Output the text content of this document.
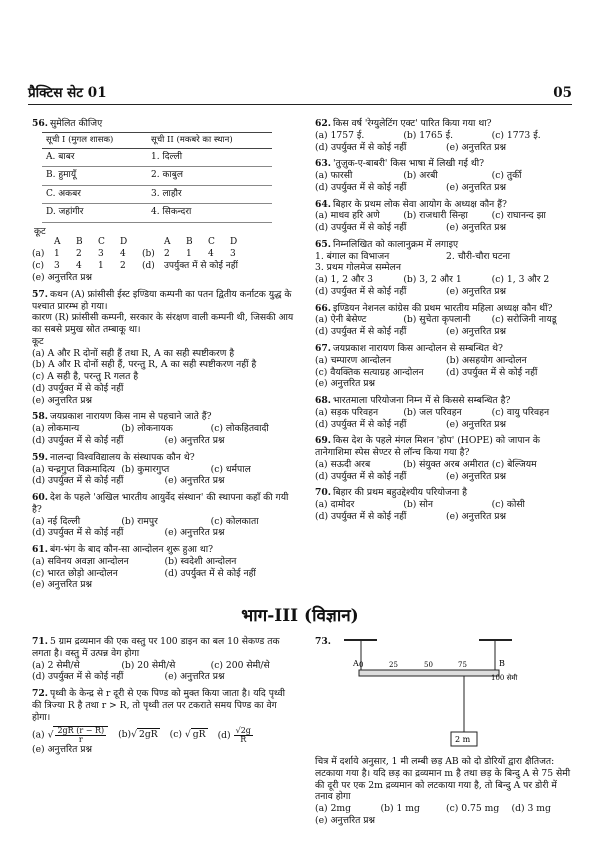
प्रैक्टिस सेट 01	05
56. सुमेलित कीजिए
सूची I (मुगल शासक)	सूची II (मकबरे का स्थान)
A. बाबर	1. दिल्ली
B. हुमायूँ	2. काबुल
C. अकबर	3. लाहौर
D. जहांगीर	4. सिकन्दरा
कूट
A	B	C	D	A	B	C	D
(a)	1	2	3	4	(b)	2	1	4	3
(c)	3	4	1	2	(d)	उपर्युक्त में से कोई नहीं
(e) अनुत्तरित प्रश्न
57. कथन (A) फ्रांसीसी ईस्ट इण्डिया कम्पनी का पतन द्वितीय कर्नाटक युद्ध के पश्चात प्रारम्भ हो गया।
कारण (R) फ्रांसीसी कम्पनी, सरकार के संरक्षण वाली कम्पनी थी, जिसकी आय का सबसे प्रमुख स्रोत तम्बाकू था।
कूट
(a) A और R दोनों सही हैं तथा R, A का सही स्पष्टीकरण है
(b) A और R दोनों सही हैं, परन्तु R, A का सही स्पष्टीकरण नहीं है
(c) A सही है, परन्तु R गलत है
(d) उपर्युक्त में से कोई नहीं
(e) अनुत्तरित प्रश्न
58. जयप्रकाश नारायण किस नाम से पहचाने जाते हैं?
(a) लोकमान्य	(b) लोकनायक	(c) लोकहितवादी
(d) उपर्युक्त में से कोई नहीं	(e) अनुत्तरित प्रश्न
59. नालन्दा विश्वविद्यालय के संस्थापक कौन थे?
(a) चन्द्रगुप्त विक्रमादित्य (b) कुमारगुप्त	(c) धर्मपाल
(d) उपर्युक्त में से कोई नहीं	(e) अनुत्तरित प्रश्न
60. देश के पहले 'अखिल भारतीय आयुर्वेद संस्थान' की स्थापना कहाँ की गयी है?
(a) नई दिल्ली	(b) रामपुर	(c) कोलकाता
(d) उपर्युक्त में से कोई नहीं	(e) अनुत्तरित प्रश्न
61. बंग-भंग के बाद कौन-सा आन्दोलन शुरू हुआ था?
(a) सविनय अवज्ञा आन्दोलन	(b) स्वदेशी आन्दोलन
(c) भारत छोड़ो आन्दोलन	(d) उपर्युक्त में से कोई नहीं
(e) अनुत्तरित प्रश्न
62. किस वर्ष 'रेग्युलेटिंग एक्ट' पारित किया गया था?
(a) 1757 ई.	(b) 1765 ई.	(c) 1773 ई.
(d) उपर्युक्त में से कोई नहीं	(e) अनुत्तरित प्रश्न
63. 'तुज़ुक-ए-बाबरी' किस भाषा में लिखी गई थी?
(a) फारसी	(b) अरबी	(c) तुर्की
(d) उपर्युक्त में से कोई नहीं	(e) अनुत्तरित प्रश्न
64. बिहार के प्रथम लोक सेवा आयोग के अध्यक्ष कौन हैं?
(a) माधव हरि अणे	(b) राजधारी सिन्हा	(c) राघानन्द झा
(d) उपर्युक्त में से कोई नहीं	(e) अनुत्तरित प्रश्न
65. निम्नलिखित को कालानुक्रम में लगाइए
1. बंगाल का विभाजन	2. चौरी-चौरा घटना
3. प्रथम गोलमेज सम्मेलन
(a) 1, 2 और 3	(b) 3, 2 और 1	(c) 1, 3 और 2
(d) उपर्युक्त में से कोई नहीं	(e) अनुत्तरित प्रश्न
66. इण्डियन नेशनल कांग्रेस की प्रथम भारतीय महिला अध्यक्ष कौन थीं?
(a) ऐनी बेसेण्ट	(b) सुचेता कृपलानी	(c) सरोजिनी नायडू
(d) उपर्युक्त में से कोई नहीं	(e) अनुत्तरित प्रश्न
67. जयप्रकाश नारायण किस आन्दोलन से सम्बन्धित थे?
(a) चम्पारण आन्दोलन	(b) असहयोग आन्दोलन
(c) वैयक्तिक सत्याग्रह आन्दोलन	(d) उपर्युक्त में से कोई नहीं
(e) अनुत्तरित प्रश्न
68. भारतमाला परियोजना निम्न में से किससे सम्बन्धित है?
(a) सड़क परिवहन	(b) जल परिवहन	(c) वायु परिवहन
(d) उपर्युक्त में से कोई नहीं	(e) अनुत्तरित प्रश्न
69. किस देश के पहले मंगल मिशन 'होप' (HOPE) को जापान के तानेगाशिमा स्पेस सेण्टर से लॉन्च किया गया है?
(a) सऊदी अरब	(b) संयुक्त अरब अमीरात (c) बेल्जियम
(d) उपर्युक्त में से कोई नहीं	(e) अनुत्तरित प्रश्न
70. बिहार की प्रथम बहुउद्देश्यीय परियोजना है
(a) दामोदर	(b) सोन	(c) कोसी
(d) उपर्युक्त में से कोई नहीं	(e) अनुत्तरित प्रश्न
भाग-III (विज्ञान)
71. 5 ग्राम द्रव्यमान की एक वस्तु पर 100 डाइन का बल 10 सेकण्ड तक लगता है। वस्तु में उत्पन्न वेग होगा
(a) 2 सेमी/से	(b) 20 सेमी/से	(c) 200 सेमी/से
(d) उपर्युक्त में से कोई नहीं	(e) अनुत्तरित प्रश्न
72. पृथ्वी के केन्द्र से r दूरी से एक पिण्ड को मुक्त किया जाता है। यदि पृथ्वी की त्रिज्या R है तथा r > R, तो पृथ्वी तल पर टकराते समय पिण्ड का वेग होगा।
(a) √ $\frac{2gR (r - R)}{r} (b)√$ 2gR (c) √ gR $(d) \frac{√2g}{R}$
(e) अनुत्तरित प्रश्न
73.
A	B
0	25	50	75
100 सेमी
2 m
चित्र में दर्शाये अनुसार, 1 मी लम्बी छड़ AB को दो डोरियों द्वारा क्षैतिजत: लटकाया गया है। यदि छड़ का द्रव्यमान m है तथा छड़ के बिन्दु A से 75 सेमी की दूरी पर एक 2m द्रव्यमान को लटकाया गया है, तो बिन्दु A पर डोरी में तनाव होगा
(a) 2mg	(b) 1 mg	(c) 0.75 mg	(d) 3 mg
(e) अनुत्तरित प्रश्न
